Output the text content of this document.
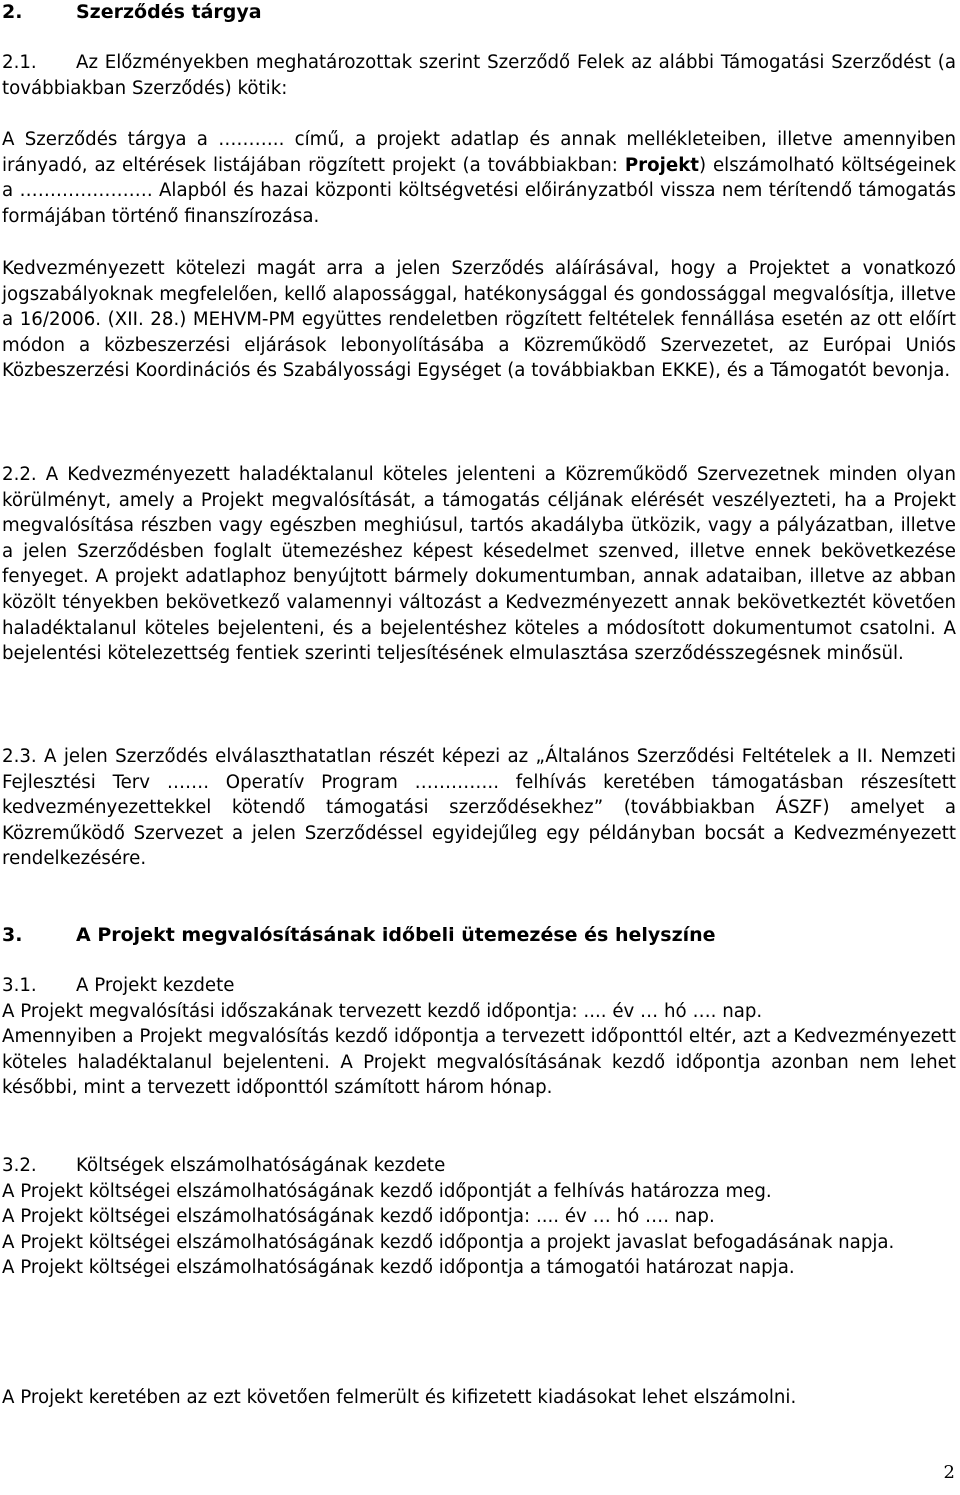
2.	Szerződés tárgya

2.1. Az Előzményekben meghatározottak szerint Szerződő Felek az alábbi Támogatási Szerződést (a továbbiakban Szerződés) kötik:

A Szerződés tárgya a ……….. című, a projekt adatlap és annak mellékleteiben, illetve amennyiben irányadó, az eltérések listájában rögzített projekt (a továbbiakban: Projekt) elszámolható költségeinek a …………………. Alapból és hazai központi költségvetési előirányzatból vissza nem térítendő támogatás formájában történő finanszírozása.

Kedvezményezett kötelezi magát arra a jelen Szerződés aláírásával, hogy a Projektet a vonatkozó jogszabályoknak megfelelően, kellő alapossággal, hatékonysággal és gondossággal megvalósítja, illetve a 16/2006. (XII. 28.) MEHVM-PM együttes rendeletben rögzített feltételek fennállása esetén az ott előírt módon a közbeszerzési eljárások lebonyolításába a Közreműködő Szervezetet, az Európai Uniós Közbeszerzési Koordinációs és Szabályossági Egységet (a továbbiakban EKKE), és a Támogatót bevonja.

2.2. A Kedvezményezett haladéktalanul köteles jelenteni a Közreműködő Szervezetnek minden olyan körülményt, amely a Projekt megvalósítását, a támogatás céljának elérését veszélyezteti, ha a Projekt megvalósítása részben vagy egészben meghiúsul, tartós akadályba ütközik, vagy a pályázatban, illetve a jelen Szerződésben foglalt ütemezéshez képest késedelmet szenved, illetve ennek bekövetkezése fenyeget. A projekt adatlaphoz benyújtott bármely dokumentumban, annak adataiban, illetve az abban közölt tényekben bekövetkező valamennyi változást a Kedvezményezett annak bekövetkeztét követően haladéktalanul köteles bejelenteni, és a bejelentéshez köteles a módosított dokumentumot csatolni. A bejelentési kötelezettség fentiek szerinti teljesítésének elmulasztása szerződésszegésnek minősül.

2.3. A jelen Szerződés elválaszthatatlan részét képezi az „Általános Szerződési Feltételek a II. Nemzeti Fejlesztési Terv ……. Operatív Program ………….. felhívás keretében támogatásban részesített kedvezményezettekkel kötendő támogatási szerződésekhez” (továbbiakban ÁSZF) amelyet a Közreműködő Szervezet a jelen Szerződéssel egyidejűleg egy példányban bocsát a Kedvezményezett rendelkezésére.

3.	A Projekt megvalósításának időbeli ütemezése és helyszíne

3.1. A Projekt kezdete

A Projekt megvalósítási időszakának tervezett kezdő időpontja: .... év … hó …. nap.

Amennyiben a Projekt megvalósítás kezdő időpontja a tervezett időponttól eltér, azt a Kedvezményezett köteles haladéktalanul bejelenteni. A Projekt megvalósításának kezdő időpontja azonban nem lehet későbbi, mint a tervezett időponttól számított három hónap.

3.2. Költségek elszámolhatóságának kezdete

A Projekt költségei elszámolhatóságának kezdő időpontját a felhívás határozza meg.

A Projekt költségei elszámolhatóságának kezdő időpontja: .... év … hó …. nap.

A Projekt költségei elszámolhatóságának kezdő időpontja a projekt javaslat befogadásának napja.

A Projekt költségei elszámolhatóságának kezdő időpontja a támogatói határozat napja.

A Projekt keretében az ezt követően felmerült és kifizetett kiadásokat lehet elszámolni.

2
